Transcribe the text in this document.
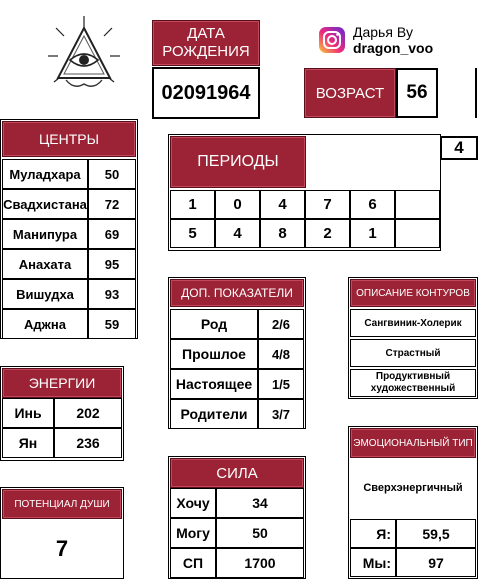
ДАТА РОЖДЕНИЯ
02091964
Дарья Ву
dragon_voo
ВОЗРАСТ	56
ЦЕНТРЫ
Муладхара	50
Свадхистана	72
Манипура	69
Анахата	95
Вишудха	93
Аджна	59
ЭНЕРГИИ
Инь	202
Ян	236
ПОТЕНЦИАЛ ДУШИ
7
4
ПЕРИОДЫ
1	0	4	7	6
5	4	8	2	1
ДОП. ПОКАЗАТЕЛИ
Род	2/6
Прошлое	4/8
Настоящее	1/5
Родители	3/7
СИЛА
Хочу	34
Могу	50
СП	1700
ОПИСАНИЕ КОНТУРОВ
Сангвиник-Холерик
Страстный
Продуктивный художественный
ЭМОЦИОНАЛЬНЫЙ ТИП
Сверхэнергичный
Я:	59,5
Мы:	97
